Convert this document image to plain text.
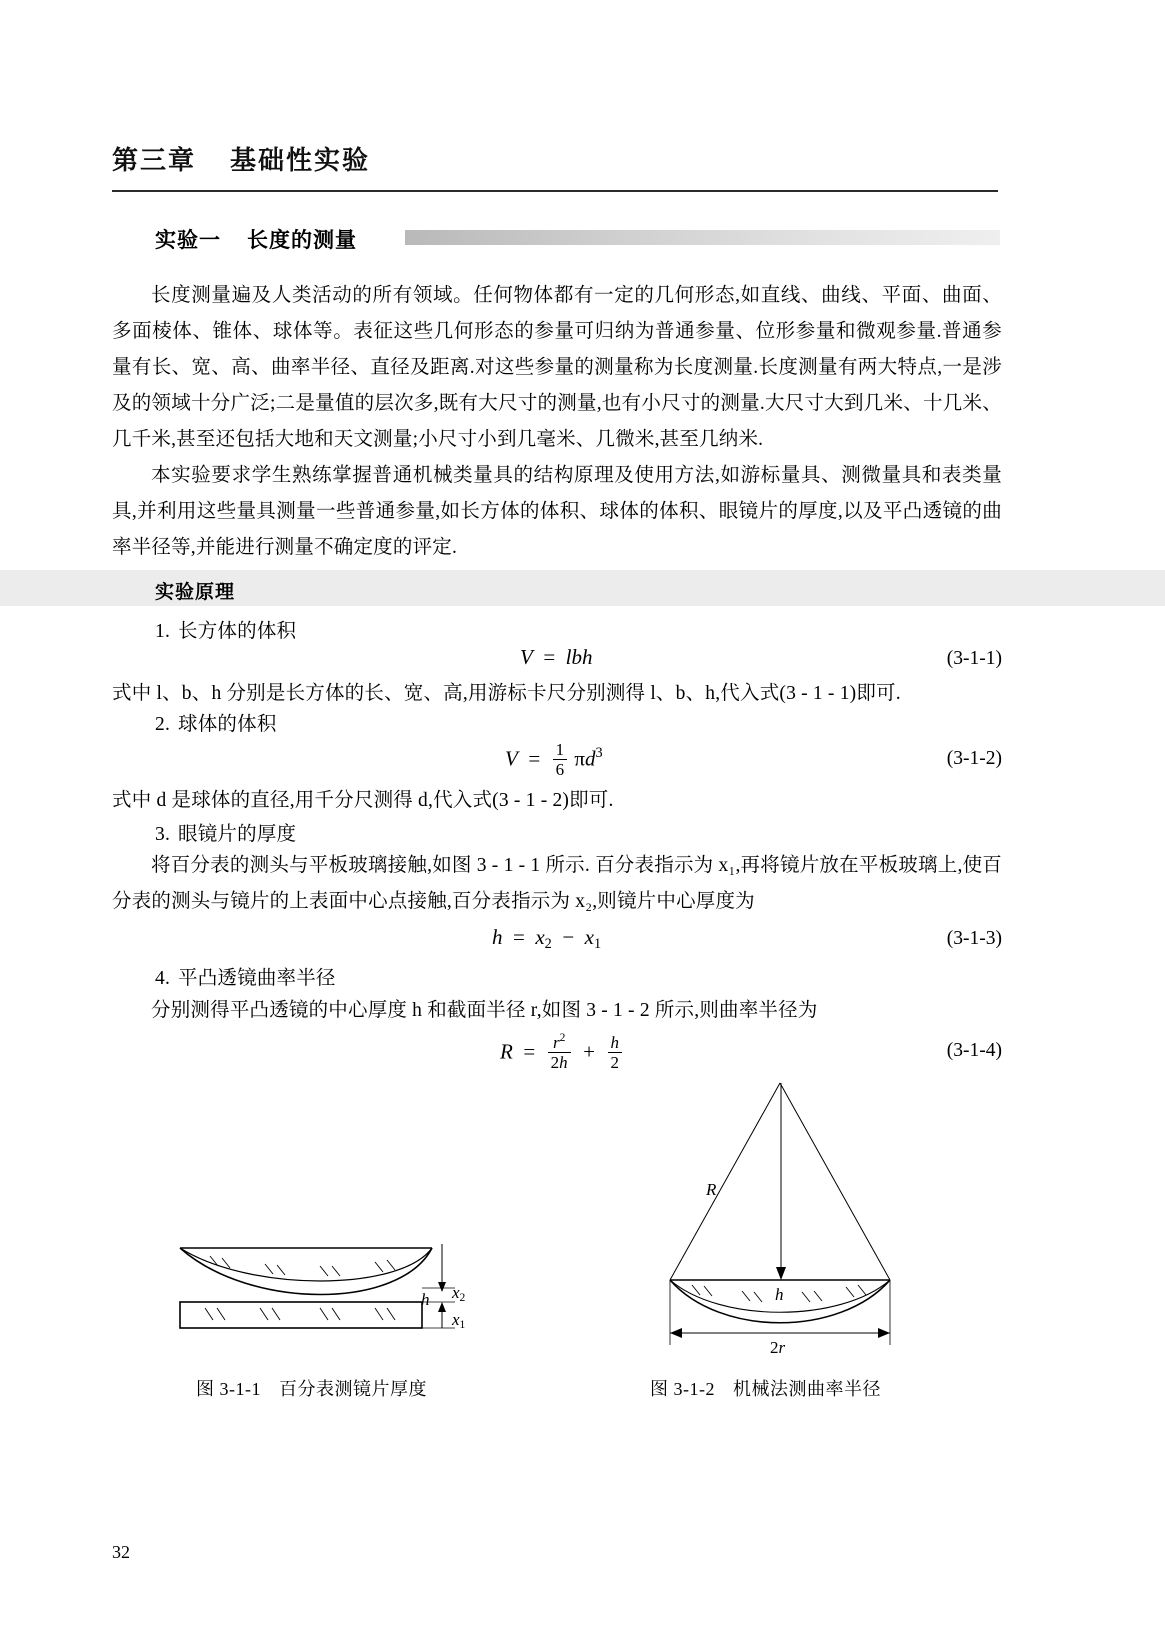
第三章 基础性实验
实验一 长度的测量
长度测量遍及人类活动的所有领域。任何物体都有一定的几何形态,如直线、曲线、平面、曲面、多面棱体、锥体、球体等。表征这些几何形态的参量可归纳为普通参量、位形参量和微观参量.普通参量有长、宽、高、曲率半径、直径及距离.对这些参量的测量称为长度测量.长度测量有两大特点,一是涉及的领域十分广泛;二是量值的层次多,既有大尺寸的测量,也有小尺寸的测量.大尺寸大到几米、十几米、几千米,甚至还包括大地和天文测量;小尺寸小到几毫米、几微米,甚至几纳米.
本实验要求学生熟练掌握普通机械类量具的结构原理及使用方法,如游标量具、测微量具和表类量具,并利用这些量具测量一些普通参量,如长方体的体积、球体的体积、眼镜片的厚度,以及平凸透镜的曲率半径等,并能进行测量不确定度的评定.
实验原理
1. 长方体的体积
V  =  lbh	(3-1-1)
式中 l、b、h 分别是长方体的长、宽、高,用游标卡尺分别测得 l、b、h,代入式(3 - 1 - 1)即可.
2. 球体的体积
$V = \frac{1}{6} \pi d^3$	(3-1-2)
式中 d 是球体的直径,用千分尺测得 d,代入式(3 - 1 - 2)即可.
3. 眼镜片的厚度
将百分表的测头与平板玻璃接触,如图 3 - 1 - 1 所示. 百分表指示为 x₁,再将镜片放在平板玻璃上,使百分表的测头与镜片的上表面中心点接触,百分表指示为 x₂,则镜片中心厚度为
$h = x_2 - x_1$	(3-1-3)
4. 平凸透镜曲率半径
分别测得平凸透镜的中心厚度 h 和截面半径 r,如图 3 - 1 - 2 所示,则曲率半径为
$R = \frac{r^2}{2h} + \frac{h}{2}$	(3-1-4)
h $x_2$
$x_1$
图 3-1-1 百分表测镜片厚度
R
h
2r
图 3-1-2 机械法测曲率半径
32
